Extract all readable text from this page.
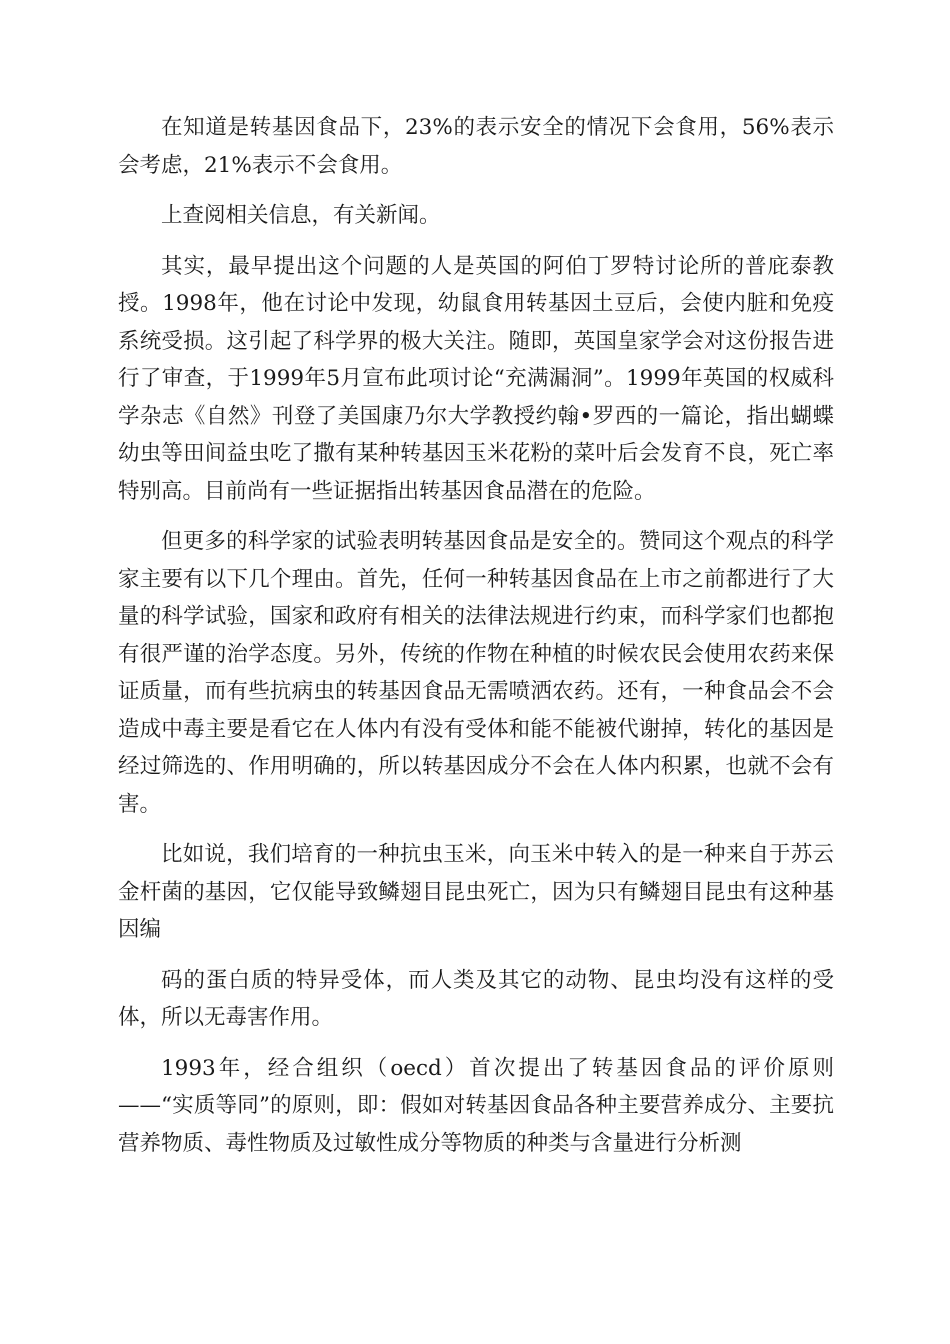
在知道是转基因食品下，23%的表示安全的情况下会食用，56%表示会考虑，21%表示不会食用。

上查阅相关信息，有关新闻。

其实，最早提出这个问题的人是英国的阿伯丁罗特讨论所的普庇泰教授。1998年，他在讨论中发现，幼鼠食用转基因土豆后，会使内脏和免疫系统受损。这引起了科学界的极大关注。随即，英国皇家学会对这份报告进行了审查，于1999年5月宣布此项讨论“充满漏洞”。1999年英国的权威科学杂志《自然》刊登了美国康乃尔大学教授约翰•罗西的一篇论，指出蝴蝶幼虫等田间益虫吃了撒有某种转基因玉米花粉的菜叶后会发育不良，死亡率特别高。目前尚有一些证据指出转基因食品潜在的危险。

但更多的科学家的试验表明转基因食品是安全的。赞同这个观点的科学家主要有以下几个理由。首先，任何一种转基因食品在上市之前都进行了大量的科学试验，国家和政府有相关的法律法规进行约束，而科学家们也都抱有很严谨的治学态度。另外，传统的作物在种植的时候农民会使用农药来保证质量，而有些抗病虫的转基因食品无需喷洒农药。还有，一种食品会不会造成中毒主要是看它在人体内有没有受体和能不能被代谢掉，转化的基因是经过筛选的、作用明确的，所以转基因成分不会在人体内积累，也就不会有害。

比如说，我们培育的一种抗虫玉米，向玉米中转入的是一种来自于苏云金杆菌的基因，它仅能导致鳞翅目昆虫死亡，因为只有鳞翅目昆虫有这种基因编

码的蛋白质的特异受体，而人类及其它的动物、昆虫均没有这样的受体，所以无毒害作用。

1993年，经合组织（oecd）首次提出了转基因食品的评价原则——“实质等同”的原则，即：假如对转基因食品各种主要营养成分、主要抗营养物质、毒性物质及过敏性成分等物质的种类与含量进行分析测
